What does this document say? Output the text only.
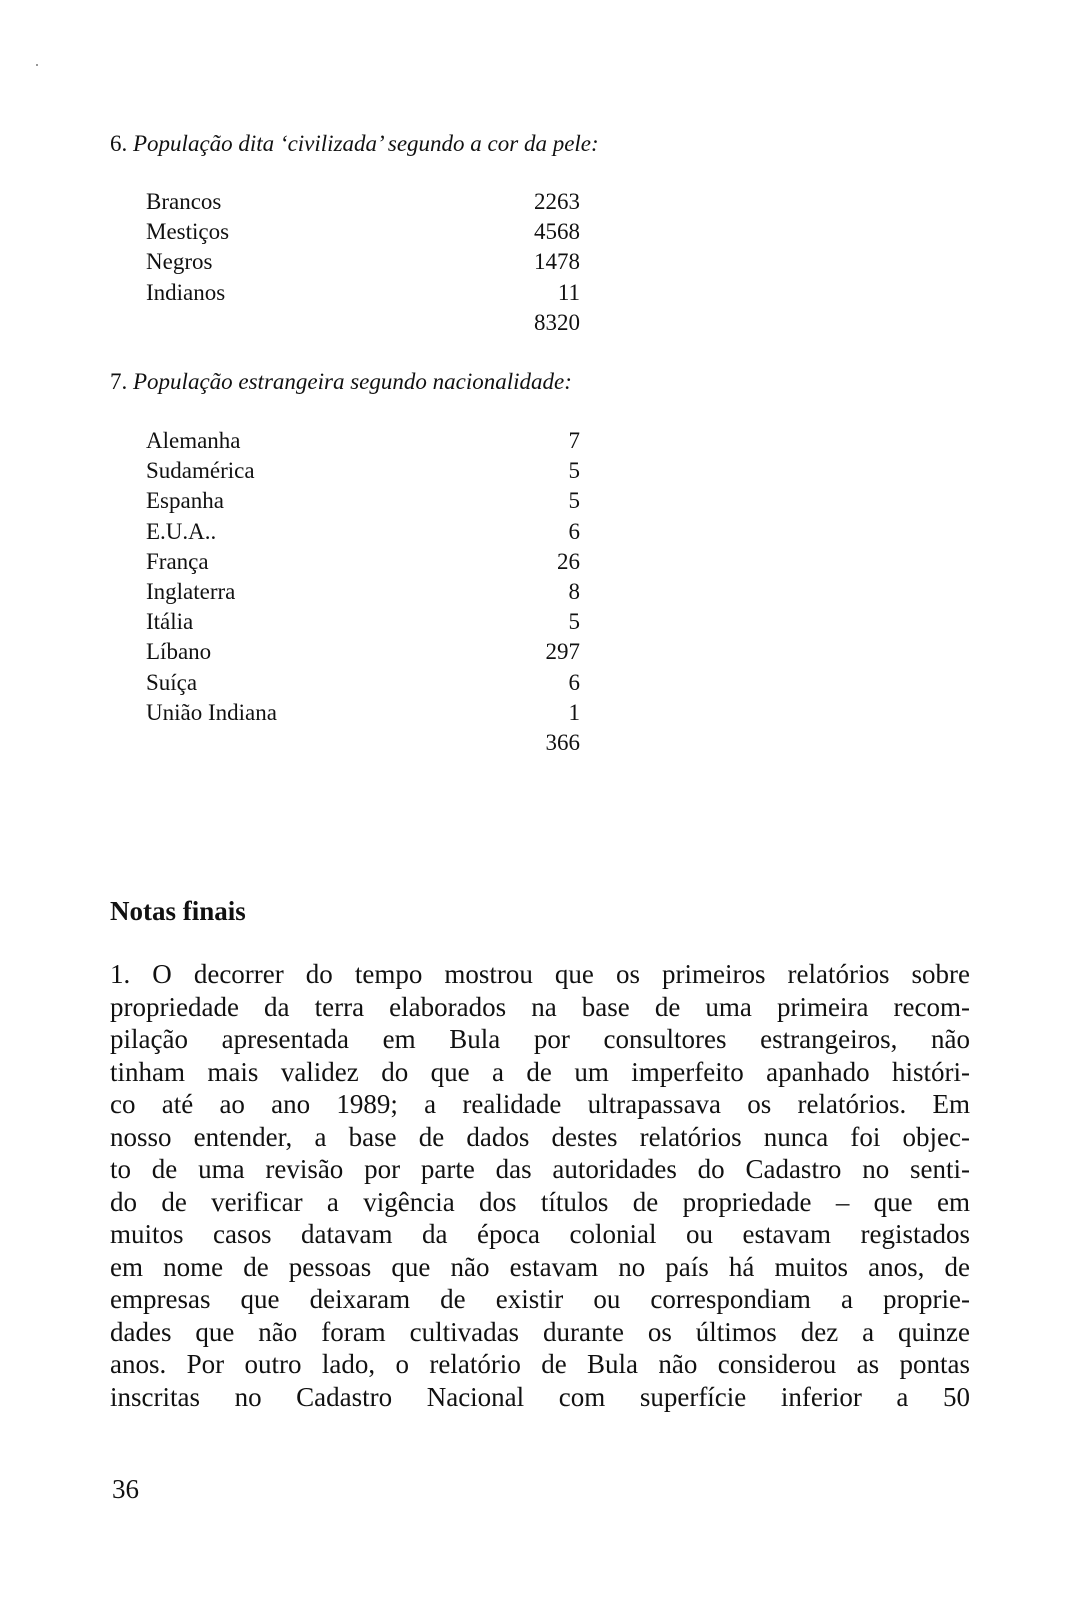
6. População dita ‘civilizada’ segundo a cor da pele:
Brancos	2263
Mestiços	4568
Negros	1478
Indianos	11
8320
7. População estrangeira segundo nacionalidade:
Alemanha	7
Sudamérica	5
Espanha	5
E.U.A..	6
França	26
Inglaterra	8
Itália	5
Líbano	297
Suíça	6
União Indiana	1
366
Notas finais
1. O decorrer do tempo mostrou que os primeiros relatórios sobre
propriedade da terra elaborados na base de uma primeira recom-
pilação apresentada em Bula por consultores estrangeiros, não
tinham mais validez do que a de um imperfeito apanhado históri-
co até ao ano 1989; a realidade ultrapassava os relatórios. Em
nosso entender, a base de dados destes relatórios nunca foi objec-
to de uma revisão por parte das autoridades do Cadastro no senti-
do de verificar a vigência dos títulos de propriedade – que em
muitos casos datavam da época colonial ou estavam registados
em nome de pessoas que não estavam no país há muitos anos, de
empresas que deixaram de existir ou correspondiam a proprie-
dades que não foram cultivadas durante os últimos dez a quinze
anos. Por outro lado, o relatório de Bula não considerou as pontas
inscritas no Cadastro Nacional com superfície inferior a 50
36
